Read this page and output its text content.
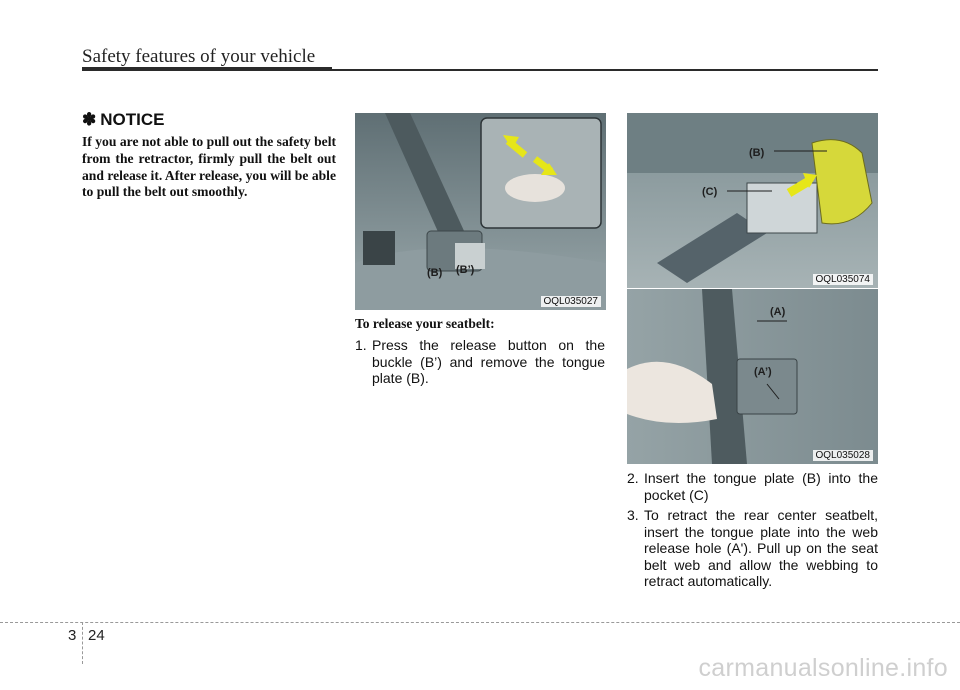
Safety features of your vehicle
✽ NOTICE
If you are not able to pull out the safety belt from the retractor, firmly pull the belt out and release it. After release, you will be able to pull the belt out smoothly.
(B) (B’)
OQL035027
(B)
(C)
OQL035074
(A)
(A’)
OQL035028
To release your seatbelt:
1. Press the release button on the buckle (B’) and remove the tongue plate (B).
2. Insert the tongue plate (B) into the pocket (C)
3. To retract the rear center seatbelt, insert the tongue plate into the web release hole (A'). Pull up on the seat belt web and allow the webbing to retract automatically.
3 24
carmanualsonline.info
